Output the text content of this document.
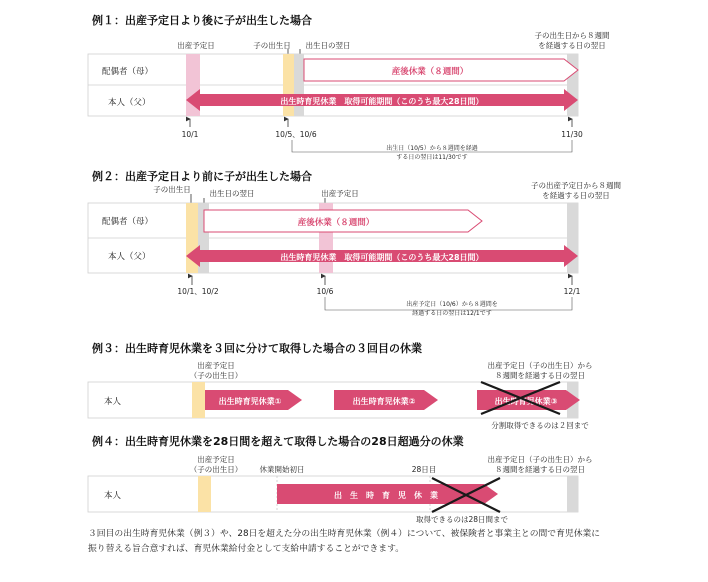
例１：出産予定日より後に子が出生した場合
出産予定日	子の出生日 出生日の翌日
子の出生日から８週間
を経過する日の翌日
配偶者（母）
本人（父）
産後休業（８週間）
出生時育児休業　取得可能期間（このうち最大28日間）
10/1	10/5、10/6	11/30
出生日（10/5）から８週間を経過
する日の翌日は11/30です
例２：出産予定日より前に子が出生した場合
子の出生日	出生日の翌日	出産予定日
子の出産予定日から８週間
を経過する日の翌日
配偶者（母）
本人（父）
産後休業（８週間）
出生時育児休業　取得可能期間（このうち最大28日間）
10/1、10/2	10/6	12/1
出産予定日（10/6）から８週間を
経過する日の翌日は12/1です
例３：出生時育児休業を３回に分けて取得した場合の３回目の休業
出産予定日
（子の出生日）
出産予定日（子の出生日）から
８週間を経過する日の翌日
本人	出生時育児休業①	出生時育児休業②	出生時育児休業③
分割取得できるのは２回まで
例４：出生時育児休業を28日間を超えて取得した場合の28日超過分の休業
出産予定日
（子の出生日） 休業開始初日	28日目
出産予定日（子の出生日）から
８週間を経過する日の翌日
本人	出　生　時　育　児　休　業
取得できるのは28日間まで

３回目の出生時育児休業（例３）や、28日を超えた分の出生時育児休業（例４）について、被保険者と事業主との間で育児休業に振り替える旨合意すれば、育児休業給付金として支給申請することができます。
